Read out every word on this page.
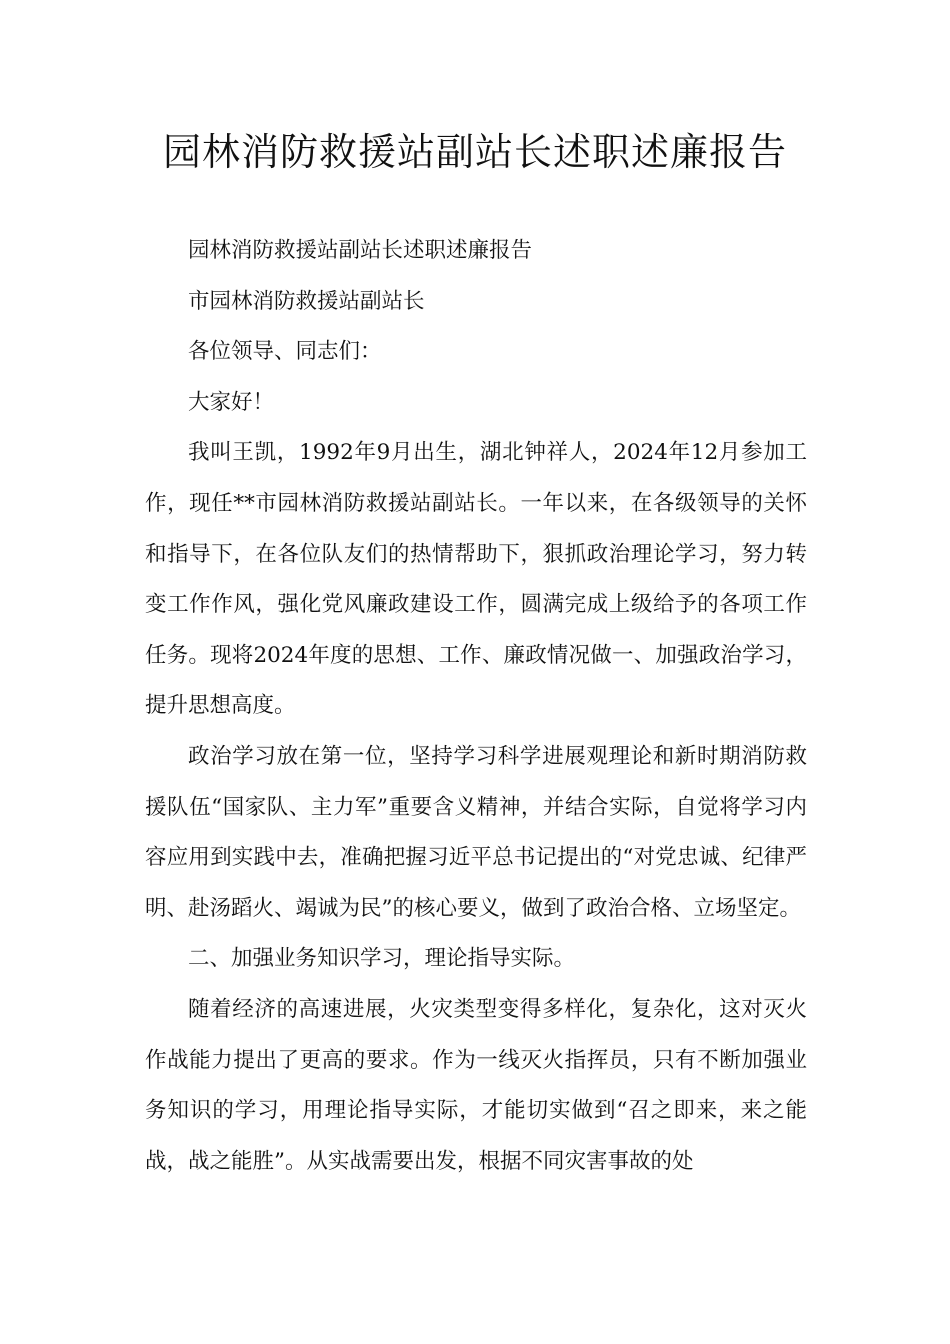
园林消防救援站副站长述职述廉报告

园林消防救援站副站长述职述廉报告

市园林消防救援站副站长

各位领导、同志们：

大家好！

我叫王凯，1992年9月出生，湖北钟祥人，2024年12月参加工作，现任**市园林消防救援站副站长。一年以来，在各级领导的关怀和指导下，在各位队友们的热情帮助下，狠抓政治理论学习，努力转变工作作风，强化党风廉政建设工作，圆满完成上级给予的各项工作任务。现将2024年度的思想、工作、廉政情况做一、加强政治学习，提升思想高度。

政治学习放在第一位，坚持学习科学进展观理论和新时期消防救援队伍“国家队、主力军”重要含义精神，并结合实际，自觉将学习内容应用到实践中去，准确把握习近平总书记提出的“对党忠诚、纪律严明、赴汤蹈火、竭诚为民”的核心要义，做到了政治合格、立场坚定。

二、加强业务知识学习，理论指导实际。

随着经济的高速进展，火灾类型变得多样化，复杂化，这对灭火作战能力提出了更高的要求。作为一线灭火指挥员，只有不断加强业务知识的学习，用理论指导实际，才能切实做到“召之即来，来之能战，战之能胜”。从实战需要出发，根据不同灾害事故的处
